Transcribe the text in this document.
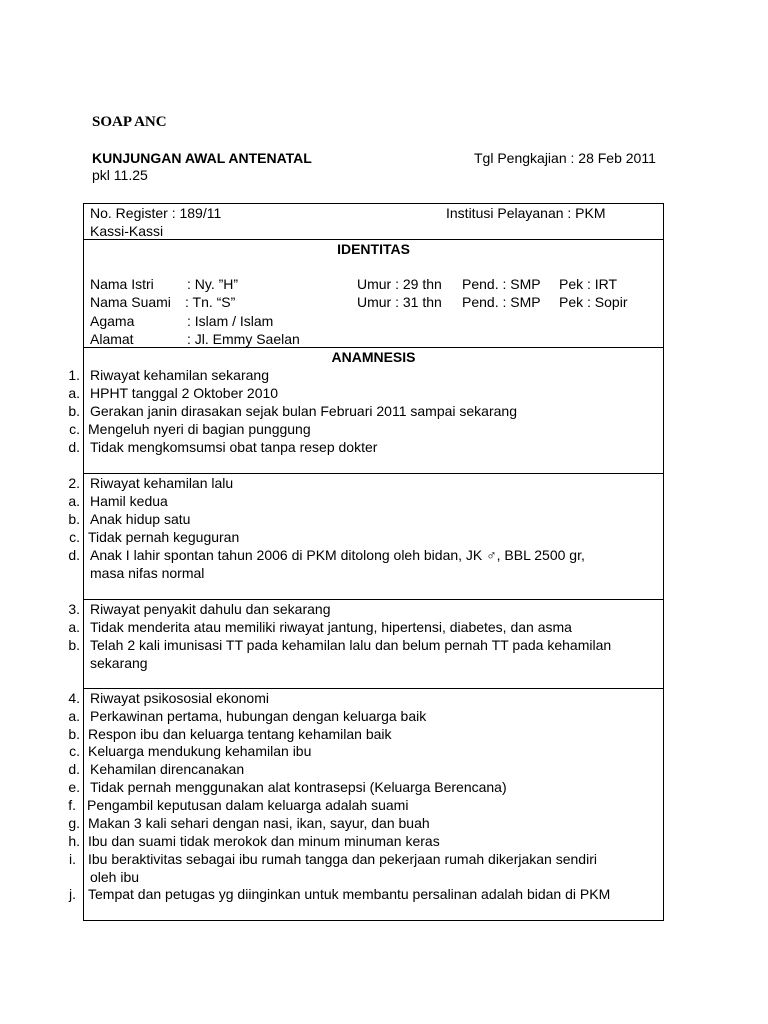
SOAP ANC
KUNJUNGAN AWAL ANTENATAL	Tgl Pengkajian : 28 Feb 2011
pkl 11.25
No. Register : 189/11	Institusi Pelayanan : PKM
Kassi-Kassi
IDENTITAS
Nama Istri : Ny. ”H”	Umur : 29 thn Pend. : SMP Pek : IRT
Nama Suami : Tn. “S”	Umur : 31 thn Pend. : SMP Pek : Sopir
Agama	: Islam / Islam
Alamat	: Jl. Emmy Saelan
ANAMNESIS
1. Riwayat kehamilan sekarang
a. HPHT tanggal 2 Oktober 2010
b. Gerakan janin dirasakan sejak bulan Februari 2011 sampai sekarang
c. Mengeluh nyeri di bagian punggung
d. Tidak mengkomsumsi obat tanpa resep dokter
2. Riwayat kehamilan lalu
a. Hamil kedua
b. Anak hidup satu
c. Tidak pernah keguguran
d. Anak I lahir spontan tahun 2006 di PKM ditolong oleh bidan, JK ♂, BBL 2500 gr,
masa nifas normal
3. Riwayat penyakit dahulu dan sekarang
a. Tidak menderita atau memiliki riwayat jantung, hipertensi, diabetes, dan asma
b. Telah 2 kali imunisasi TT pada kehamilan lalu dan belum pernah TT pada kehamilan
sekarang
4. Riwayat psikososial ekonomi
a. Perkawinan pertama, hubungan dengan keluarga baik
b. Respon ibu dan keluarga tentang kehamilan baik
c. Keluarga mendukung kehamilan ibu
d. Kehamilan direncanakan
e. Tidak pernah menggunakan alat kontrasepsi (Keluarga Berencana)
f. Pengambil keputusan dalam keluarga adalah suami
g. Makan 3 kali sehari dengan nasi, ikan, sayur, dan buah
h. Ibu dan suami tidak merokok dan minum minuman keras
i. Ibu beraktivitas sebagai ibu rumah tangga dan pekerjaan rumah dikerjakan sendiri
oleh ibu
j. Tempat dan petugas yg diinginkan untuk membantu persalinan adalah bidan di PKM
